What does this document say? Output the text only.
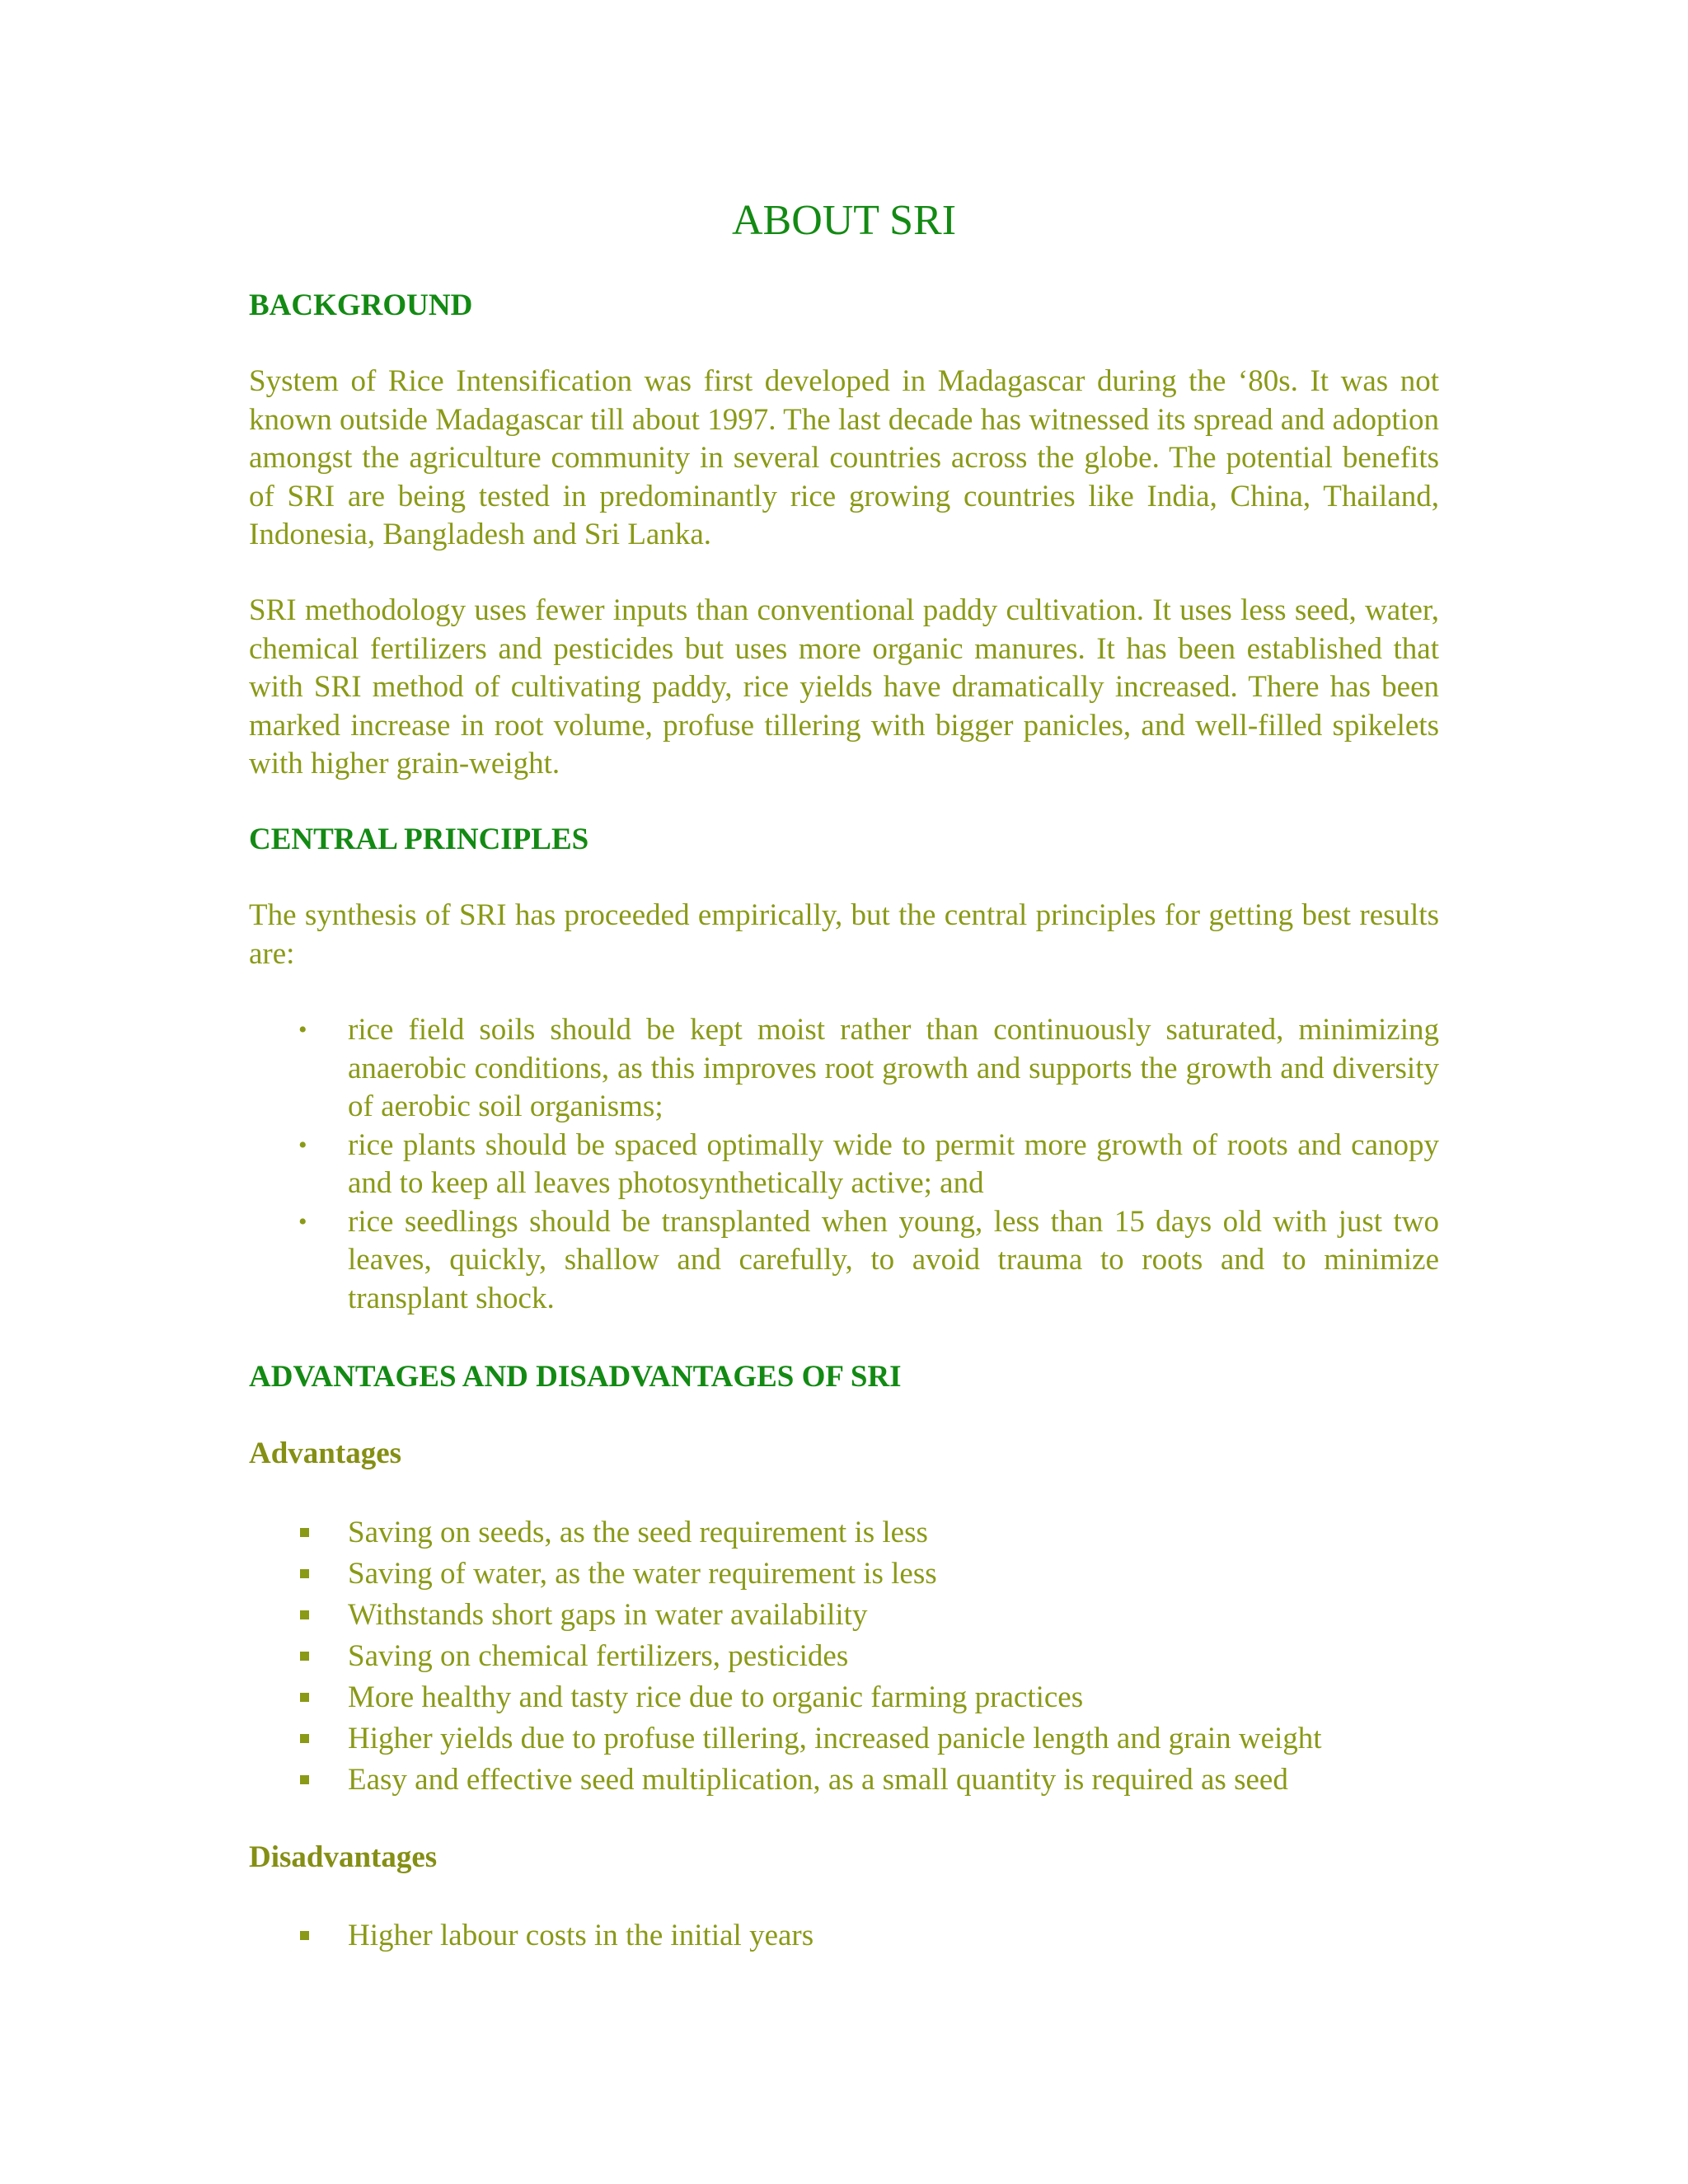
ABOUT SRI
BACKGROUND

System of Rice Intensification was first developed in Madagascar during the ‘80s. It was not known outside Madagascar till about 1997. The last decade has witnessed its spread and adoption amongst the agriculture community in several countries across the globe. The potential benefits of SRI are being tested in predominantly rice growing countries like India, China, Thailand, Indonesia, Bangladesh and Sri Lanka.

SRI methodology uses fewer inputs than conventional paddy cultivation. It uses less seed, water, chemical fertilizers and pesticides but uses more organic manures. It has been established that with SRI method of cultivating paddy, rice yields have dramatically increased. There has been marked increase in root volume, profuse tillering with bigger panicles, and well-filled spikelets with higher grain-weight.

CENTRAL PRINCIPLES

The synthesis of SRI has proceeded empirically, but the central principles for getting best results are:

•	rice field soils should be kept moist rather than continuously saturated, minimizing anaerobic conditions, as this improves root growth and supports the growth and diversity of aerobic soil organisms;
•	rice plants should be spaced optimally wide to permit more growth of roots and canopy and to keep all leaves photosynthetically active; and
•	rice seedlings should be transplanted when young, less than 15 days old with just two leaves, quickly, shallow and carefully, to avoid trauma to roots and to minimize transplant shock.
ADVANTAGES AND DISADVANTAGES OF SRI
Advantages
Saving on seeds, as the seed requirement is less
Saving of water, as the water requirement is less
Withstands short gaps in water availability
Saving on chemical fertilizers, pesticides
More healthy and tasty rice due to organic farming practices
Higher yields due to profuse tillering, increased panicle length and grain weight
Easy and effective seed multiplication, as a small quantity is required as seed
Disadvantages
Higher labour costs in the initial years
